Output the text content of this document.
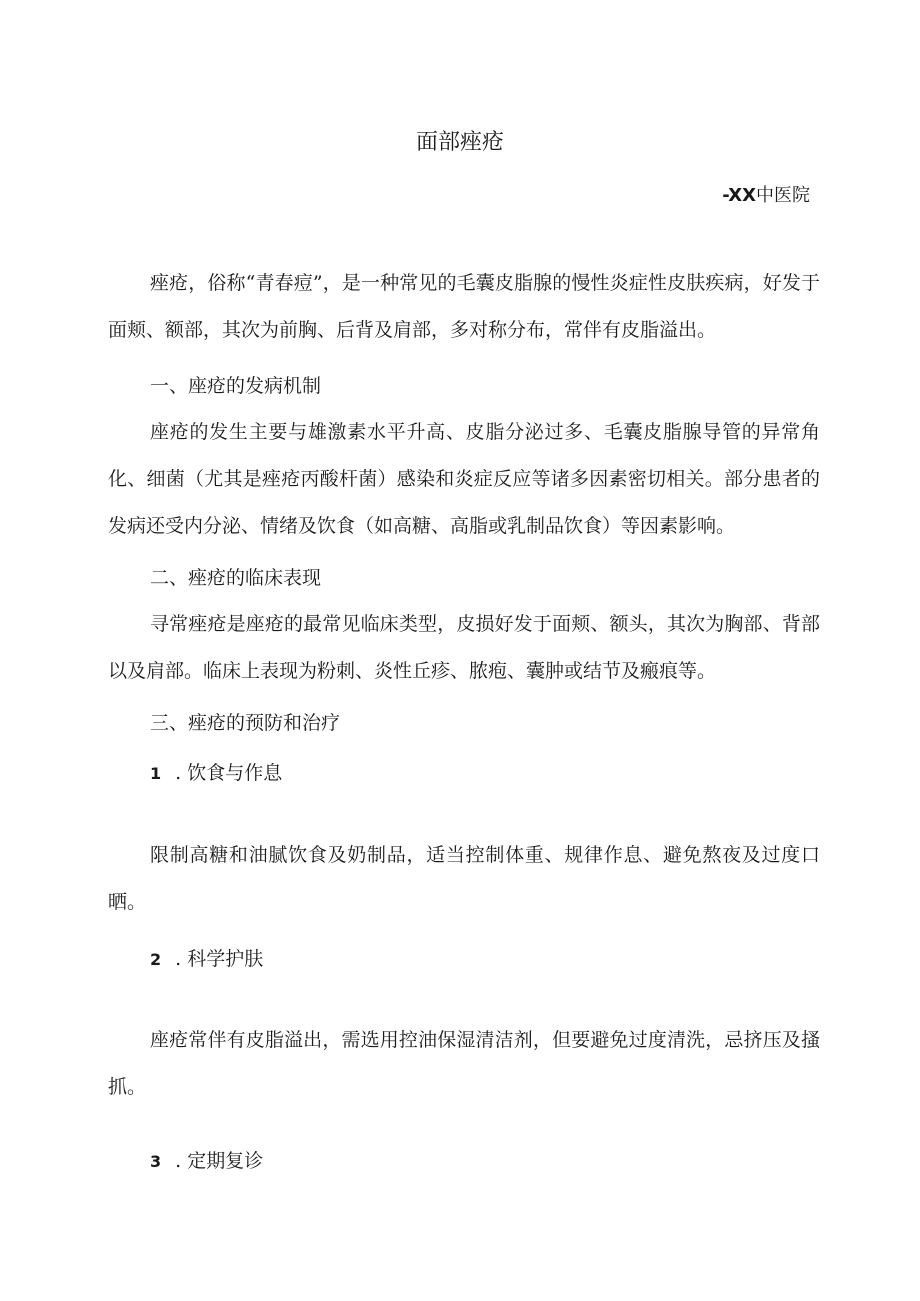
面部痤疮
-XX中医院

痤疮，俗称“青春痘”，是一种常见的毛囊皮脂腺的慢性炎症性皮肤疾病，好发于面颊、额部，其次为前胸、后背及肩部，多对称分布，常伴有皮脂溢出。

一、座疮的发病机制

座疮的发生主要与雄激素水平升高、皮脂分泌过多、毛囊皮脂腺导管的异常角化、细菌（尤其是痤疮丙酸杆菌）感染和炎症反应等诸多因素密切相关。部分患者的发病还受内分泌、情绪及饮食（如高糖、高脂或乳制品饮食）等因素影响。

二、痤疮的临床表现

寻常痤疮是座疮的最常见临床类型，皮损好发于面颊、额头，其次为胸部、背部以及肩部。临床上表现为粉刺、炎性丘疹、脓疱、囊肿或结节及瘢痕等。

三、痤疮的预防和治疗
1 . 饮食与作息

限制高糖和油腻饮食及奶制品，适当控制体重、规律作息、避免熬夜及过度口晒。

2 . 科学护肤

座疮常伴有皮脂溢出，需选用控油保湿清洁剂，但要避免过度清洗，忌挤压及搔抓。

3 . 定期复诊
